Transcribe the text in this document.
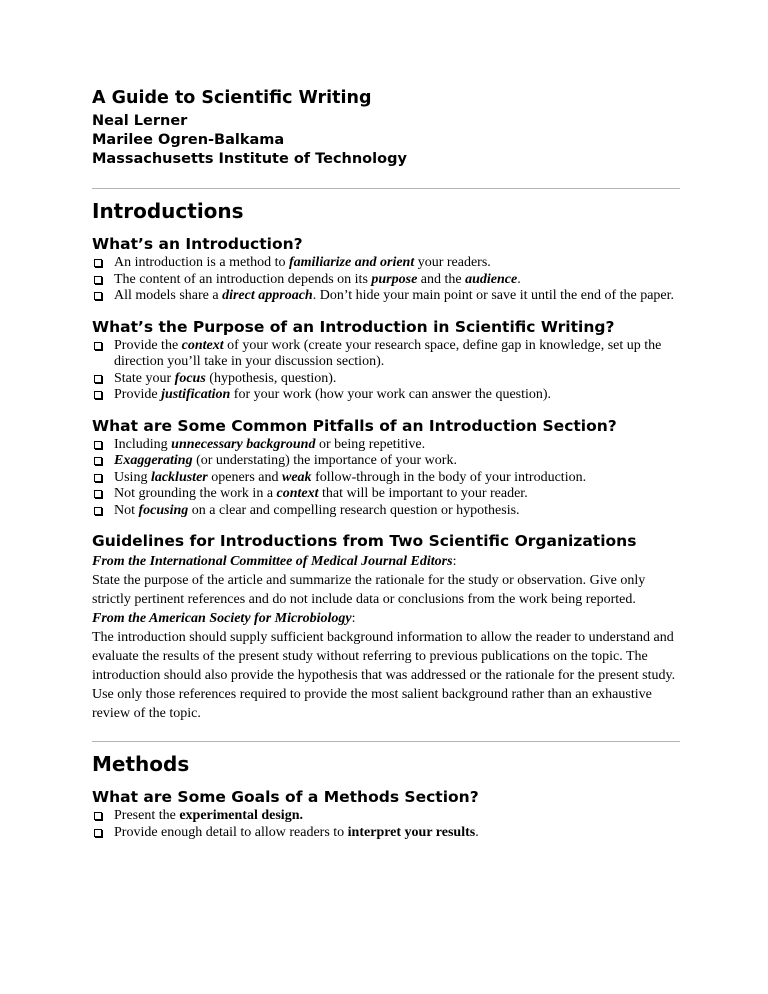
A Guide to Scientific Writing
Neal Lerner
Marilee Ogren-Balkama
Massachusetts Institute of Technology
Introductions
What’s an Introduction?
An introduction is a method to familiarize and orient your readers.
The content of an introduction depends on its purpose and the audience.
All models share a direct approach. Don’t hide your main point or save it until the end of the paper.
What’s the Purpose of an Introduction in Scientific Writing?
Provide the context of your work (create your research space, define gap in knowledge, set up the direction you’ll take in your discussion section).
State your focus (hypothesis, question).
Provide justification for your work (how your work can answer the question).
What are Some Common Pitfalls of an Introduction Section?
Including unnecessary background or being repetitive.
Exaggerating (or understating) the importance of your work.
Using lackluster openers and weak follow-through in the body of your introduction.
Not grounding the work in a context that will be important to your reader.
Not focusing on a clear and compelling research question or hypothesis.
Guidelines for Introductions from Two Scientific Organizations

From the International Committee of Medical Journal Editors:

State the purpose of the article and summarize the rationale for the study or observation. Give only strictly pertinent references and do not include data or conclusions from the work being reported.

From the American Society for Microbiology:

The introduction should supply sufficient background information to allow the reader to understand and evaluate the results of the present study without referring to previous publications on the topic. The introduction should also provide the hypothesis that was addressed or the rationale for the present study. Use only those references required to provide the most salient background rather than an exhaustive review of the topic.

Methods
What are Some Goals of a Methods Section?
Present the experimental design.
Provide enough detail to allow readers to interpret your results.
